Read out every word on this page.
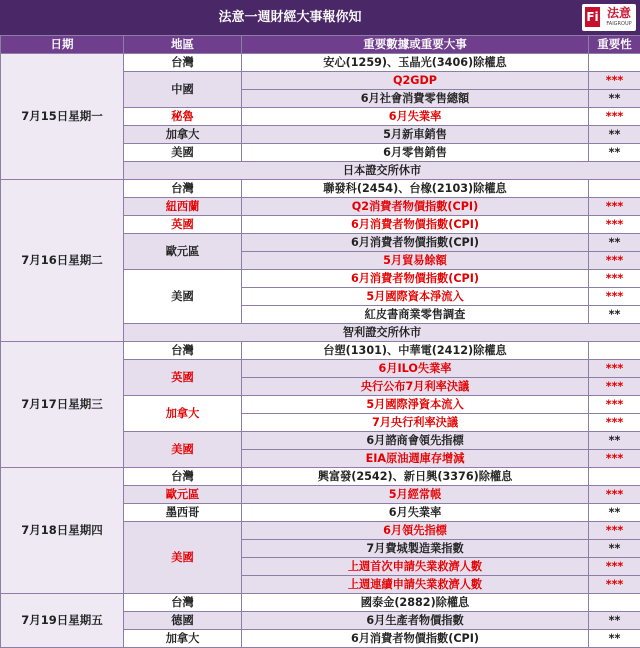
法意一週財經大事報你知	Fi 法意
FAIGROUP
日期	地區	重要數據或重要大事	重要性
7月15日星期一	台灣	安心(1259)、玉晶光(3406)除權息	
	中國	Q2GDP	***
		6月社會消費零售總額	**
	秘魯	6月失業率	***
	加拿大	5月新車銷售	**
	美國	6月零售銷售	**
	日本證交所休市		
7月16日星期二	台灣	聯發科(2454)、台橡(2103)除權息	
	紐西蘭	Q2消費者物價指數(CPI)	***
	英國	6月消費者物價指數(CPI)	***
	歐元區	6月消費者物價指數(CPI)	**
		5月貿易餘額	***
	美國	6月消費者物價指數(CPI)	***
		5月國際資本淨流入	***
		紅皮書商業零售調查	**
	智利證交所休市		
7月17日星期三	台灣	台塑(1301)、中華電(2412)除權息	
	英國	6月ILO失業率	***
		央行公布7月利率決議	***
	加拿大	5月國際淨資本流入	***
		7月央行利率決議	***
	美國	6月諮商會領先指標	**
		EIA原油週庫存增減	***
7月18日星期四	台灣	興富發(2542)、新日興(3376)除權息	
	歐元區	5月經常帳	***
	墨西哥	6月失業率	**
	美國	6月領先指標	***
		7月費城製造業指數	**
		上週首次申請失業救濟人數	***
		上週連續申請失業救濟人數	***
7月19日星期五	台灣	國泰金(2882)除權息	
	德國	6月生產者物價指數	**
	加拿大	6月消費者物價指數(CPI)	**
